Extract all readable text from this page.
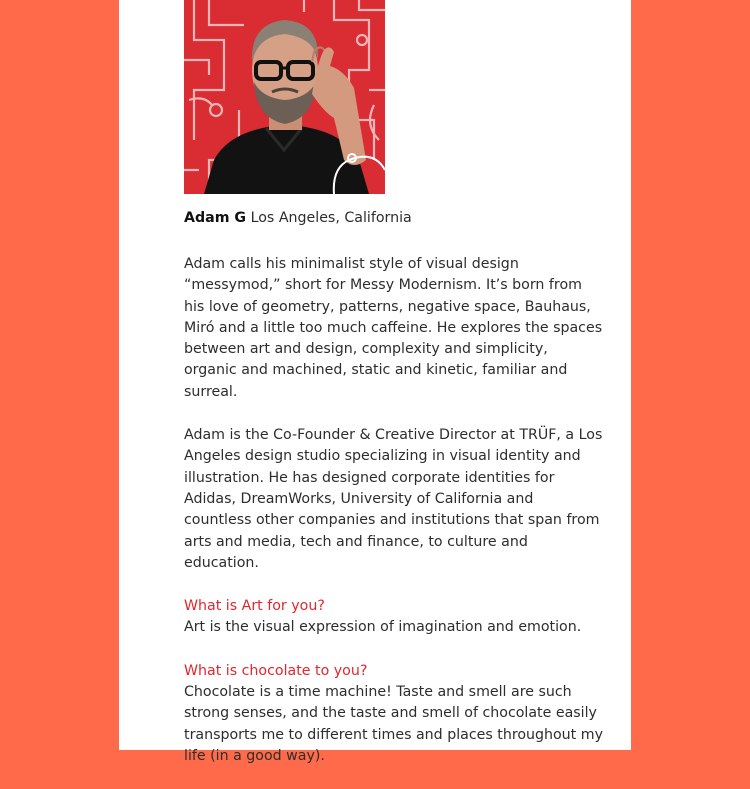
Adam G Los Angeles, California

Adam calls his minimalist style of visual design “messymod,” short for Messy Modernism. It’s born from his love of geometry, patterns, negative space, Bauhaus, Miró and a little too much caffeine. He explores the spaces between art and design, complexity and simplicity, organic and machined, static and kinetic, familiar and surreal.

Adam is the Co-Founder & Creative Director at TRÜF, a Los Angeles design studio specializing in visual identity and illustration. He has designed corporate identities for Adidas, DreamWorks, University of California and countless other companies and institutions that span from arts and media, tech and finance, to culture and education.

What is Art for you?

Art is the visual expression of imagination and emotion.

What is chocolate to you?

Chocolate is a time machine! Taste and smell are such strong senses, and the taste and smell of chocolate easily transports me to different times and places throughout my life (in a good way).
